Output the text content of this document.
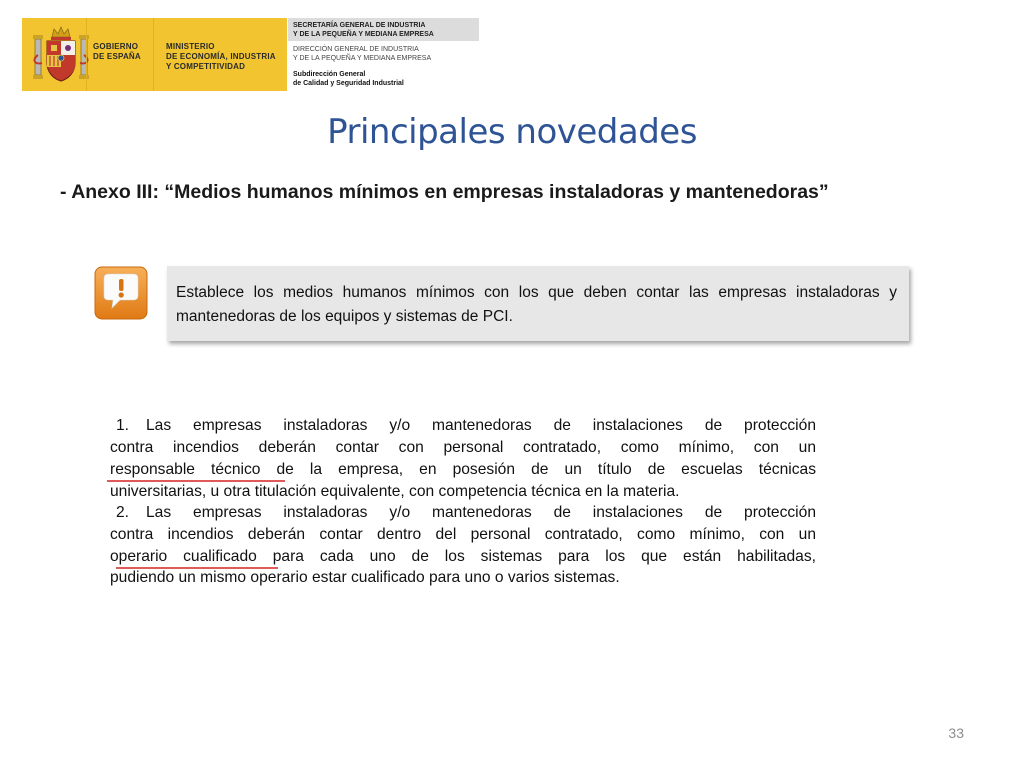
GOBIERNO
DE ESPAÑA
MINISTERIO
DE ECONOMÍA, INDUSTRIA
Y COMPETITIVIDAD
SECRETARÍA GENERAL DE INDUSTRIA
Y DE LA PEQUEÑA Y MEDIANA EMPRESA
DIRECCIÓN GENERAL DE INDUSTRIA
Y DE LA PEQUEÑA Y MEDIANA EMPRESA
Subdirección General
de Calidad y Seguridad Industrial
Principales novedades

- Anexo III: “Medios humanos mínimos en empresas instaladoras y mantenedoras”

Establece los medios humanos mínimos con los que deben contar las empresas instaladoras y mantenedoras de los equipos y sistemas de PCI.
1. Las empresas instaladoras y/o mantenedoras de instalaciones de protección
contra incendios deberán contar con personal contratado, como mínimo, con un
responsable técnico de la empresa, en posesión de un título de escuelas técnicas
universitarias, u otra titulación equivalente, con competencia técnica en la materia.
2. Las empresas instaladoras y/o mantenedoras de instalaciones de protección
contra incendios deberán contar dentro del personal contratado, como mínimo, con un
operario cualificado para cada uno de los sistemas para los que están habilitadas,
pudiendo un mismo operario estar cualificado para uno o varios sistemas.
33
